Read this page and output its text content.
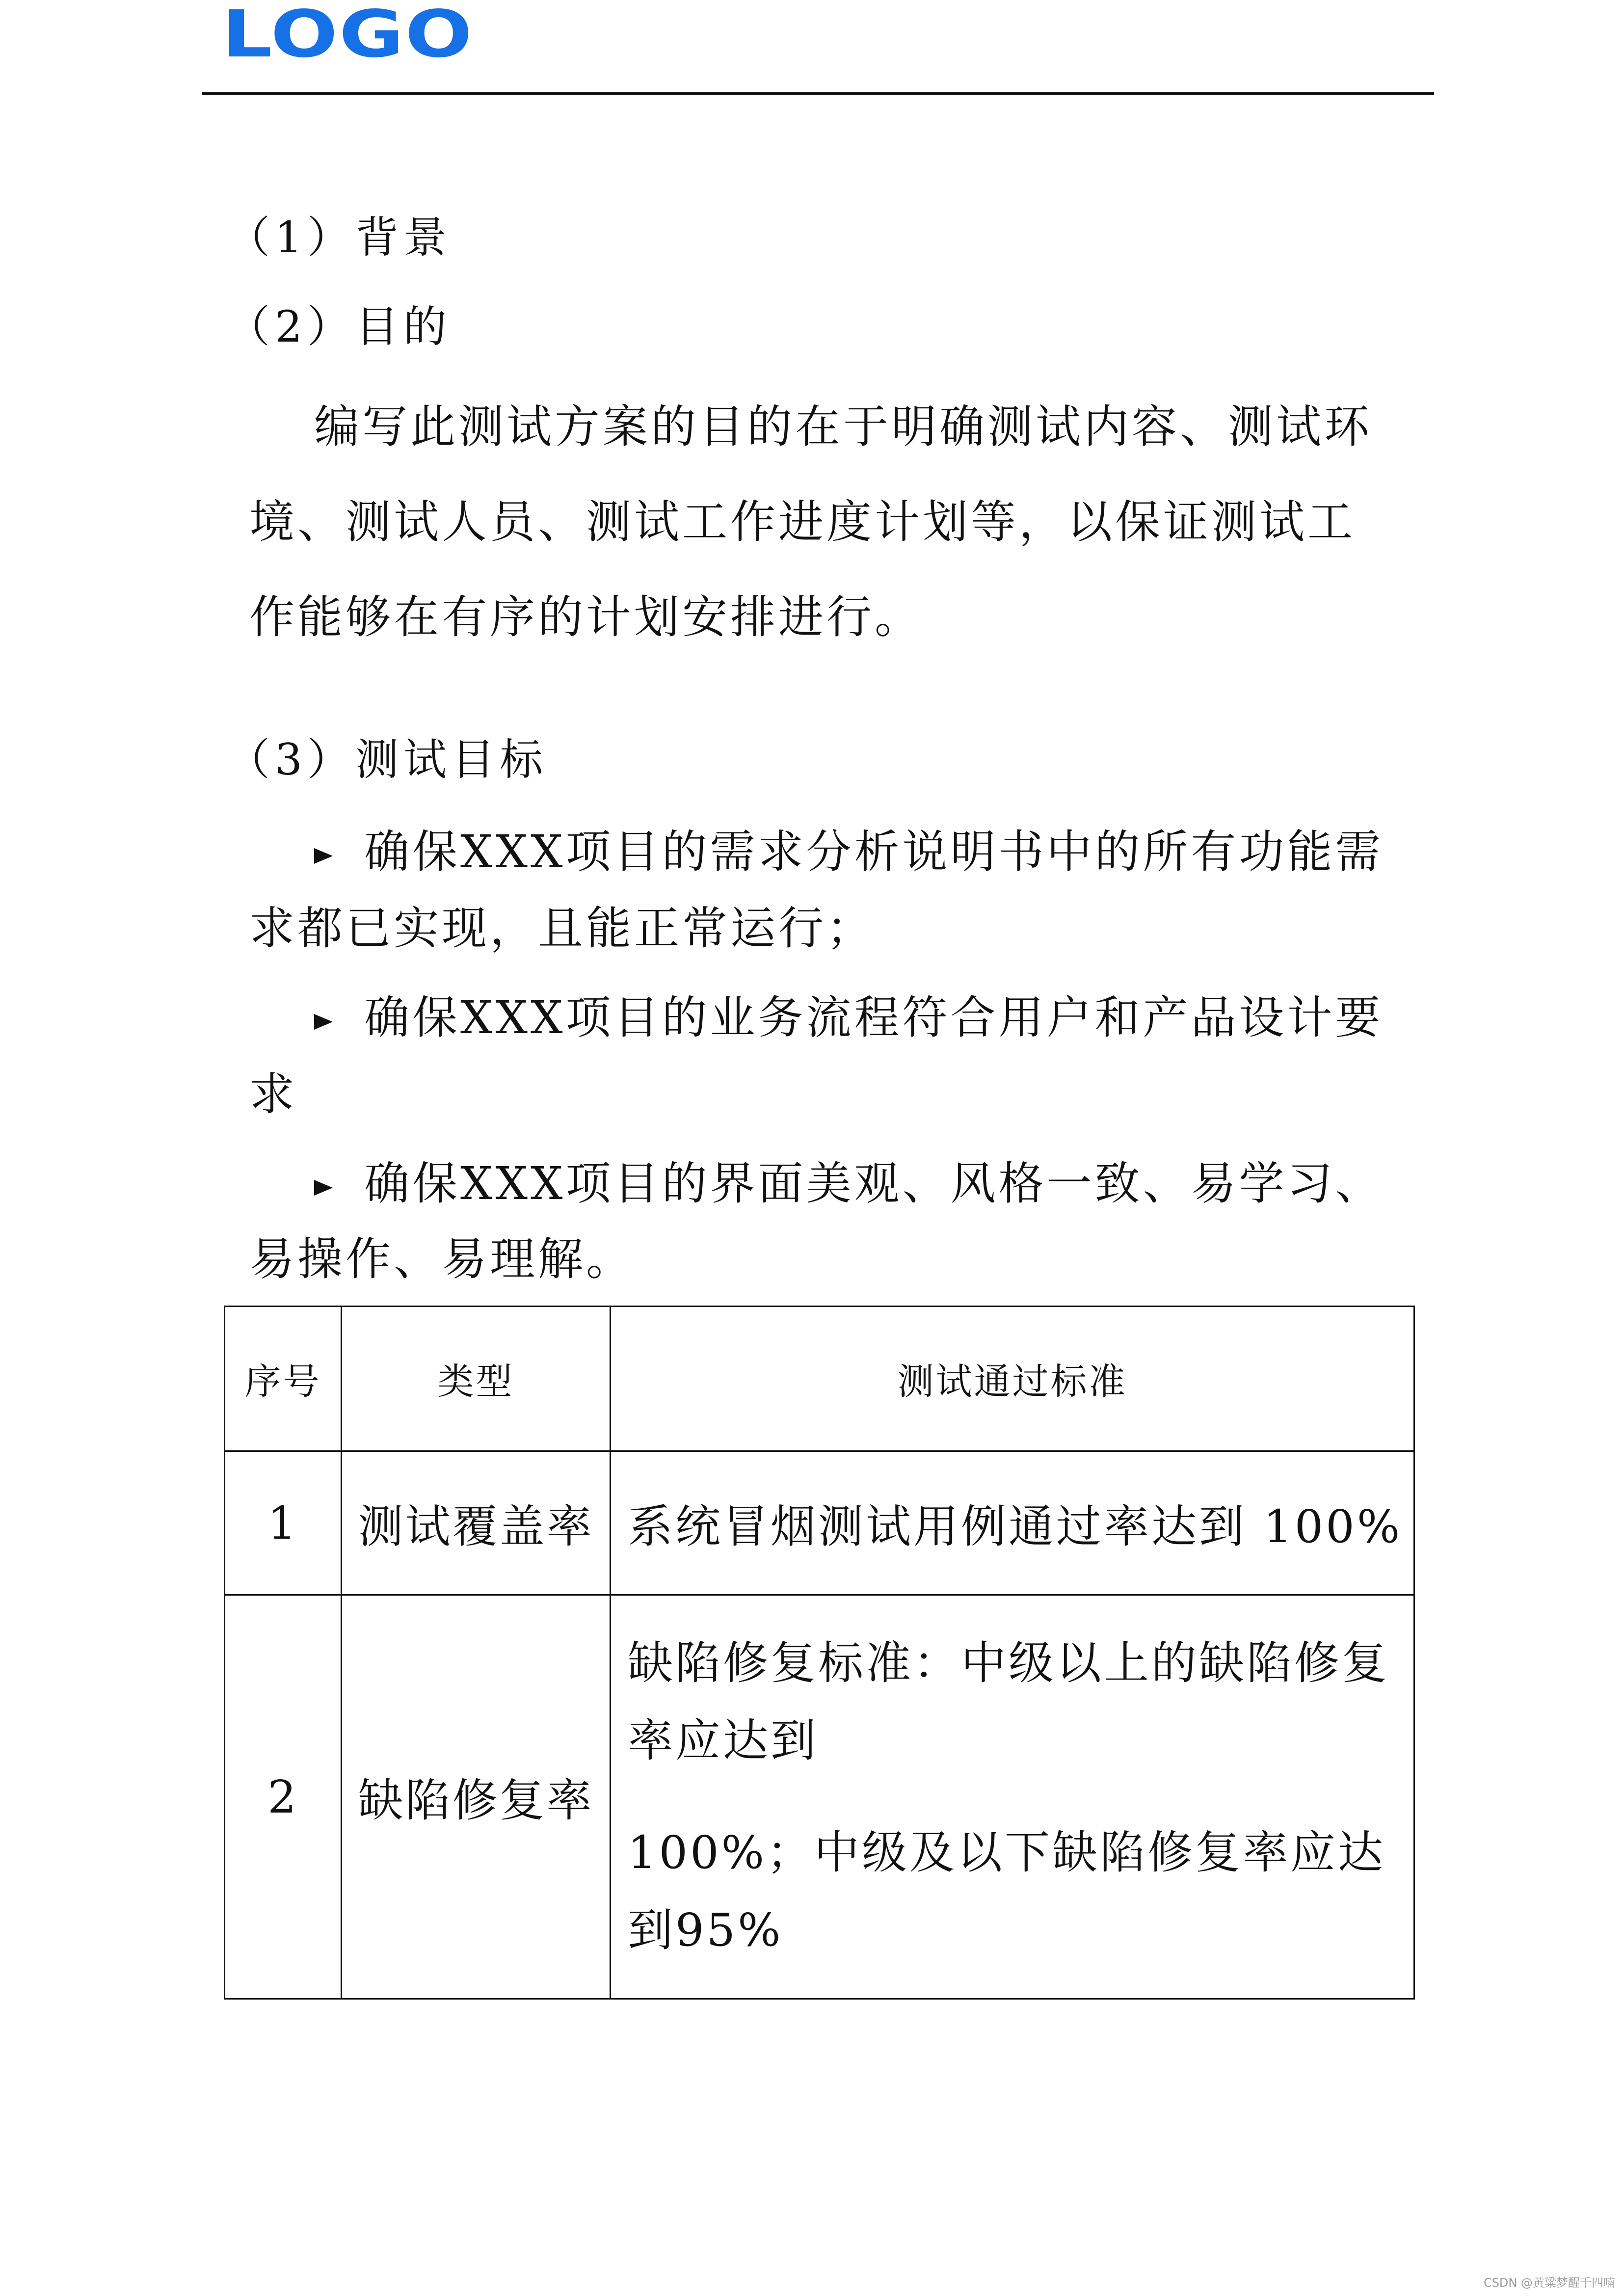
LOGO
（1）背景
（2）目的
编写此测试方案的目的在于明确测试内容、测试环
境、测试人员、测试工作进度计划等，以保证测试工
作能够在有序的计划安排进行。
（3）测试目标
确保XXX项目的需求分析说明书中的所有功能需
求都已实现，且能正常运行；
确保XXX项目的业务流程符合用户和产品设计要
求
确保XXX项目的界面美观、风格一致、易学习、
易操作、易理解。
序号	类型	测试通过标准
1	测试覆盖率	系统冒烟测试用例通过率达到 100%
2	缺陷修复率	缺陷修复标准：中级以上的缺陷修复率应达到
100%；中级及以下缺陷修复率应达到95%
CSDN @黄粱梦醒千四喃
